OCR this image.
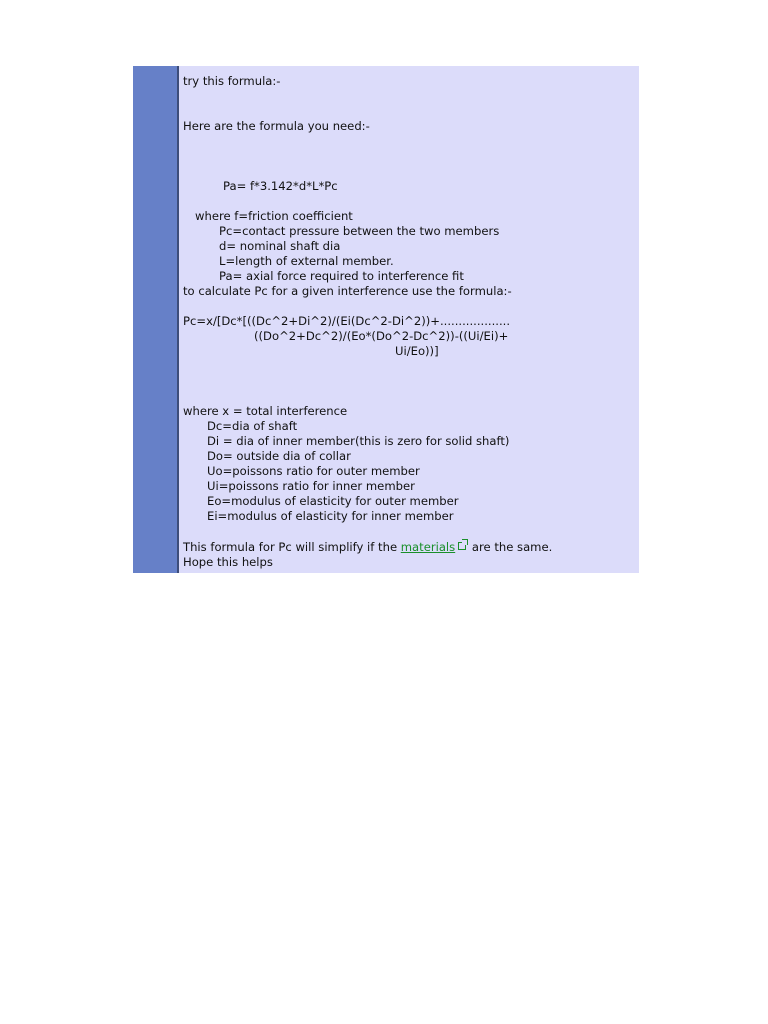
try this formula:-
Here are the formula you need:-
Pa= f*3.142*d*L*Pc
where f=friction coefficient
Pc=contact pressure between the two members
d= nominal shaft dia
L=length of external member.
Pa= axial force required to interference fit
to calculate Pc for a given interference use the formula:-
Pc=x/[Dc*[((Dc^2+Di^2)/(Ei(Dc^2-Di^2))+...................
((Do^2+Dc^2)/(Eo*(Do^2-Dc^2))-((Ui/Ei)+
Ui/Eo))]
where x = total interference
Dc=dia of shaft
Di = dia of inner member(this is zero for solid shaft)
Do= outside dia of collar
Uo=poissons ratio for outer member
Ui=poissons ratio for inner member
Eo=modulus of elasticity for outer member
Ei=modulus of elasticity for inner member
This formula for Pc will simplify if the materials are the same.
Hope this helps
